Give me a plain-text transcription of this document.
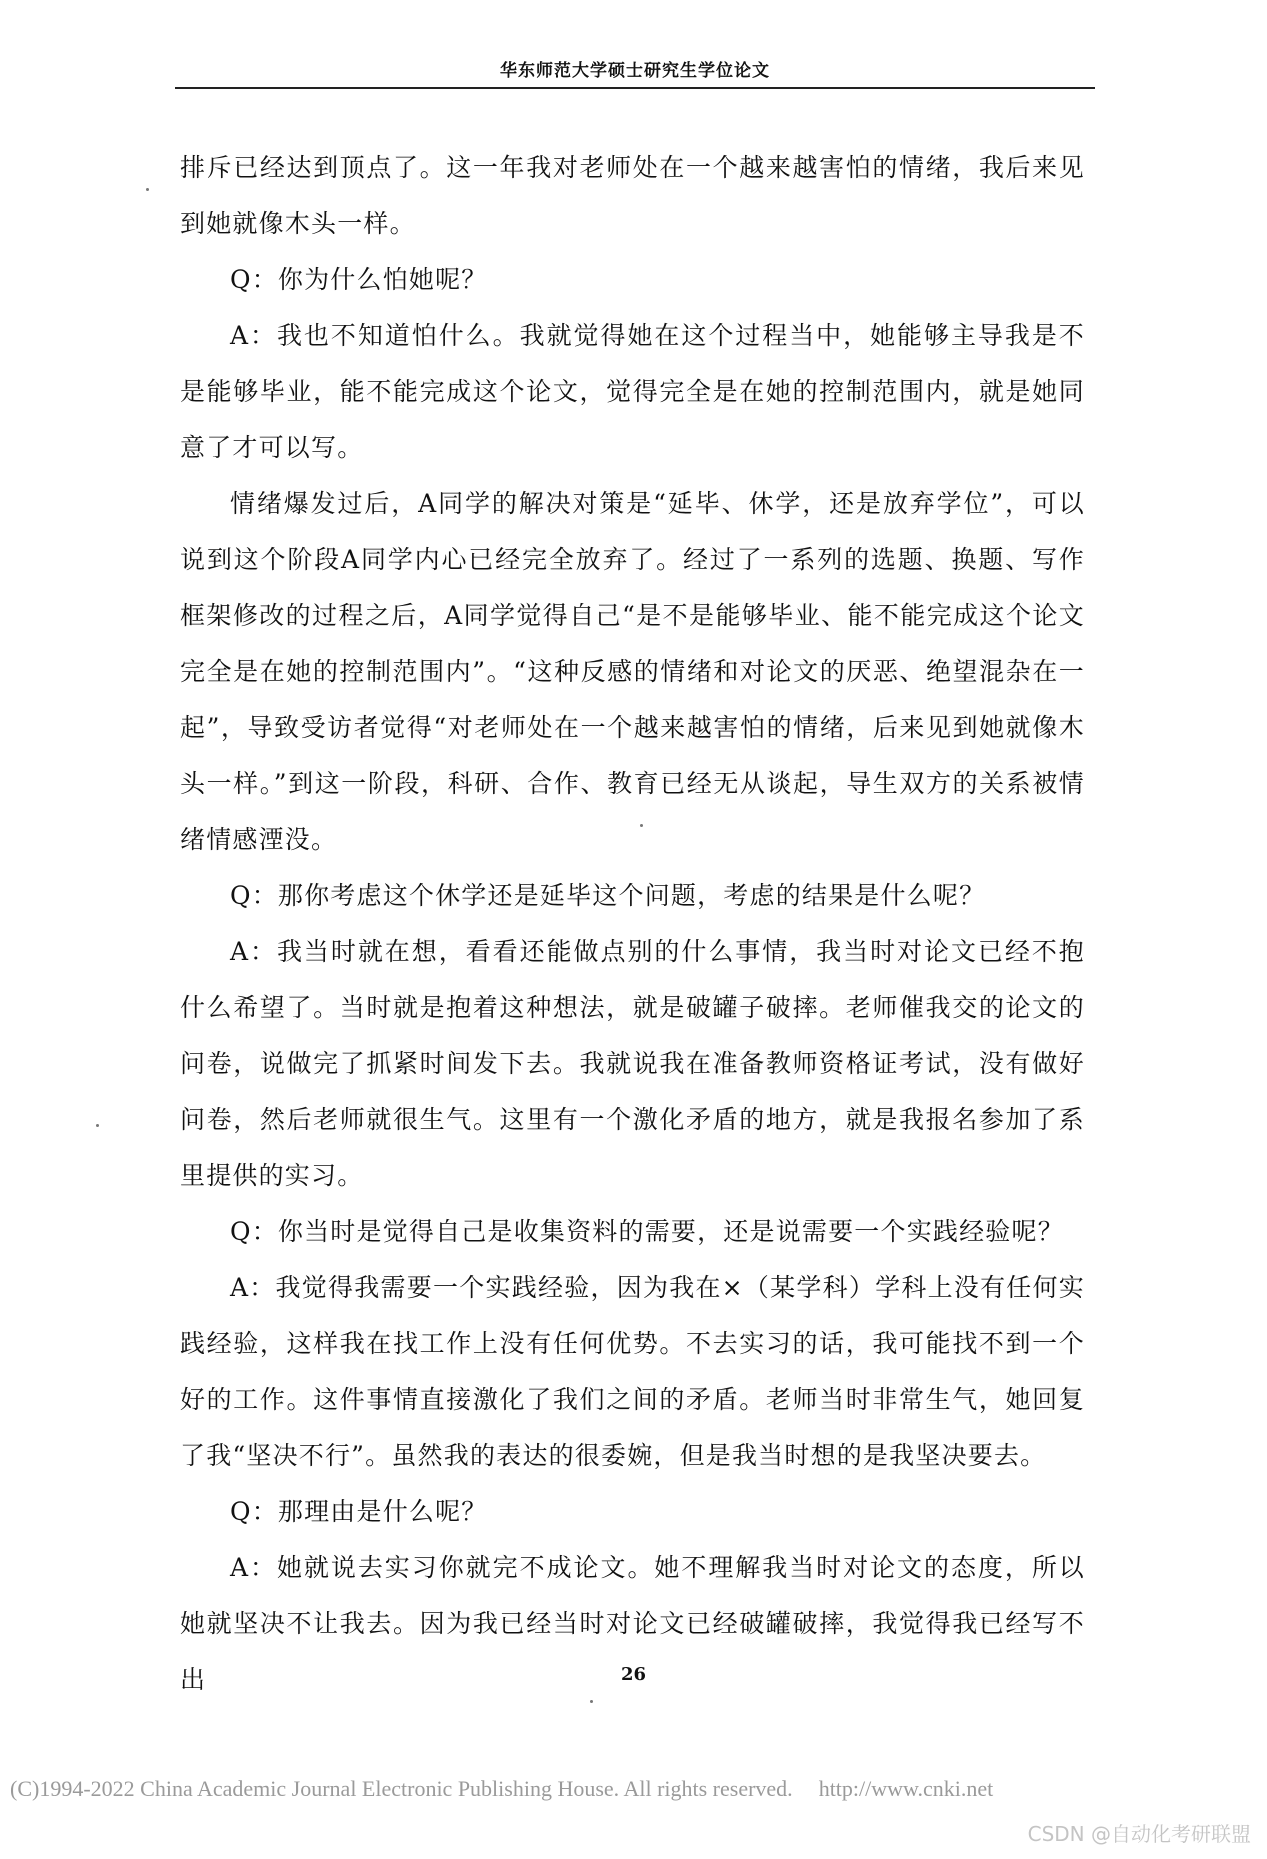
华东师范大学硕士研究生学位论文

排斥已经达到顶点了。这一年我对老师处在一个越来越害怕的情绪，我后来见到她就像木头一样。

Q：你为什么怕她呢？

A：我也不知道怕什么。我就觉得她在这个过程当中，她能够主导我是不是能够毕业，能不能完成这个论文，觉得完全是在她的控制范围内，就是她同意了才可以写。

情绪爆发过后，A同学的解决对策是“延毕、休学，还是放弃学位”，可以说到这个阶段A同学内心已经完全放弃了。经过了一系列的选题、换题、写作框架修改的过程之后，A同学觉得自己“是不是能够毕业、能不能完成这个论文完全是在她的控制范围内”。“这种反感的情绪和对论文的厌恶、绝望混杂在一起”，导致受访者觉得“对老师处在一个越来越害怕的情绪，后来见到她就像木头一样。”到这一阶段，科研、合作、教育已经无从谈起，导生双方的关系被情绪情感湮没。

Q：那你考虑这个休学还是延毕这个问题，考虑的结果是什么呢？

A：我当时就在想，看看还能做点别的什么事情，我当时对论文已经不抱什么希望了。当时就是抱着这种想法，就是破罐子破摔。老师催我交的论文的问卷，说做完了抓紧时间发下去。我就说我在准备教师资格证考试，没有做好问卷，然后老师就很生气。这里有一个激化矛盾的地方，就是我报名参加了系里提供的实习。

Q：你当时是觉得自己是收集资料的需要，还是说需要一个实践经验呢？

A：我觉得我需要一个实践经验，因为我在×（某学科）学科上没有任何实践经验，这样我在找工作上没有任何优势。不去实习的话，我可能找不到一个好的工作。这件事情直接激化了我们之间的矛盾。老师当时非常生气，她回复了我“坚决不行”。虽然我的表达的很委婉，但是我当时想的是我坚决要去。

Q：那理由是什么呢？

A：她就说去实习你就完不成论文。她不理解我当时对论文的态度，所以她就坚决不让我去。因为我已经当时对论文已经破罐破摔，我觉得我已经写不出	26
(C)1994-2022 China Academic Journal Electronic Publishing House. All rights reserved. http://www.cnki.net
CSDN @自动化考研联盟
